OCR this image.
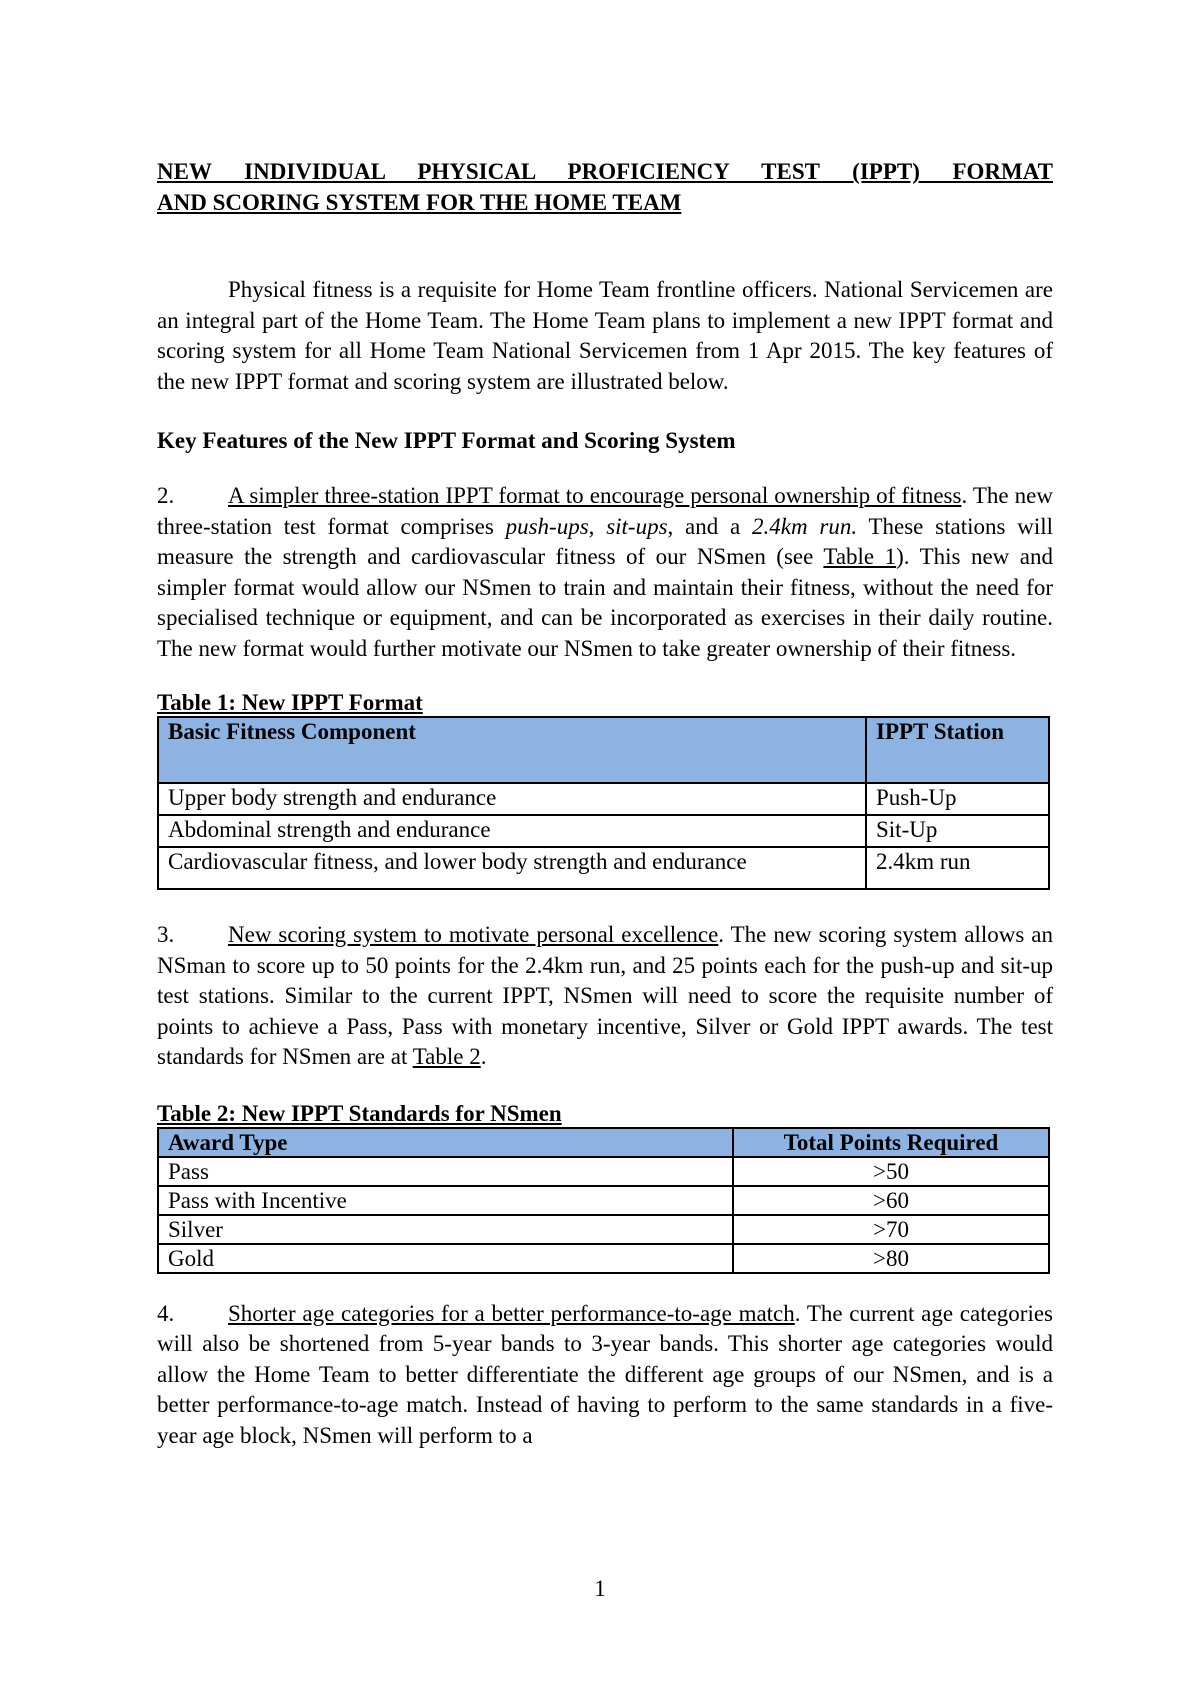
NEW INDIVIDUAL PHYSICAL PROFICIENCY TEST (IPPT) FORMAT
AND SCORING SYSTEM FOR THE HOME TEAM

Physical fitness is a requisite for Home Team frontline officers. National Servicemen are an integral part of the Home Team. The Home Team plans to implement a new IPPT format and scoring system for all Home Team National Servicemen from 1 Apr 2015. The key features of the new IPPT format and scoring system are illustrated below.

Key Features of the New IPPT Format and Scoring System

2. A simpler three-station IPPT format to encourage personal ownership of fitness. The new three-station test format comprises push-ups, sit-ups, and a 2.4km run. These stations will measure the strength and cardiovascular fitness of our NSmen (see Table 1). This new and simpler format would allow our NSmen to train and maintain their fitness, without the need for specialised technique or equipment, and can be incorporated as exercises in their daily routine. The new format would further motivate our NSmen to take greater ownership of their fitness.

Table 1: New IPPT Format

Basic Fitness Component	IPPT Station
Upper body strength and endurance	Push-Up
Abdominal strength and endurance	Sit-Up
Cardiovascular fitness, and lower body strength and endurance	2.4km run

3. New scoring system to motivate personal excellence. The new scoring system allows an NSman to score up to 50 points for the 2.4km run, and 25 points each for the push-up and sit-up test stations. Similar to the current IPPT, NSmen will need to score the requisite number of points to achieve a Pass, Pass with monetary incentive, Silver or Gold IPPT awards. The test standards for NSmen are at Table 2.

Table 2: New IPPT Standards for NSmen

Award Type	Total Points Required
Pass	>50
Pass with Incentive	>60
Silver	>70
Gold	>80

4. Shorter age categories for a better performance-to-age match. The current age categories will also be shortened from 5-year bands to 3-year bands. This shorter age categories would allow the Home Team to better differentiate the different age groups of our NSmen, and is a better performance-to-age match. Instead of having to perform to the same standards in a five-year age block, NSmen will perform to a

1
